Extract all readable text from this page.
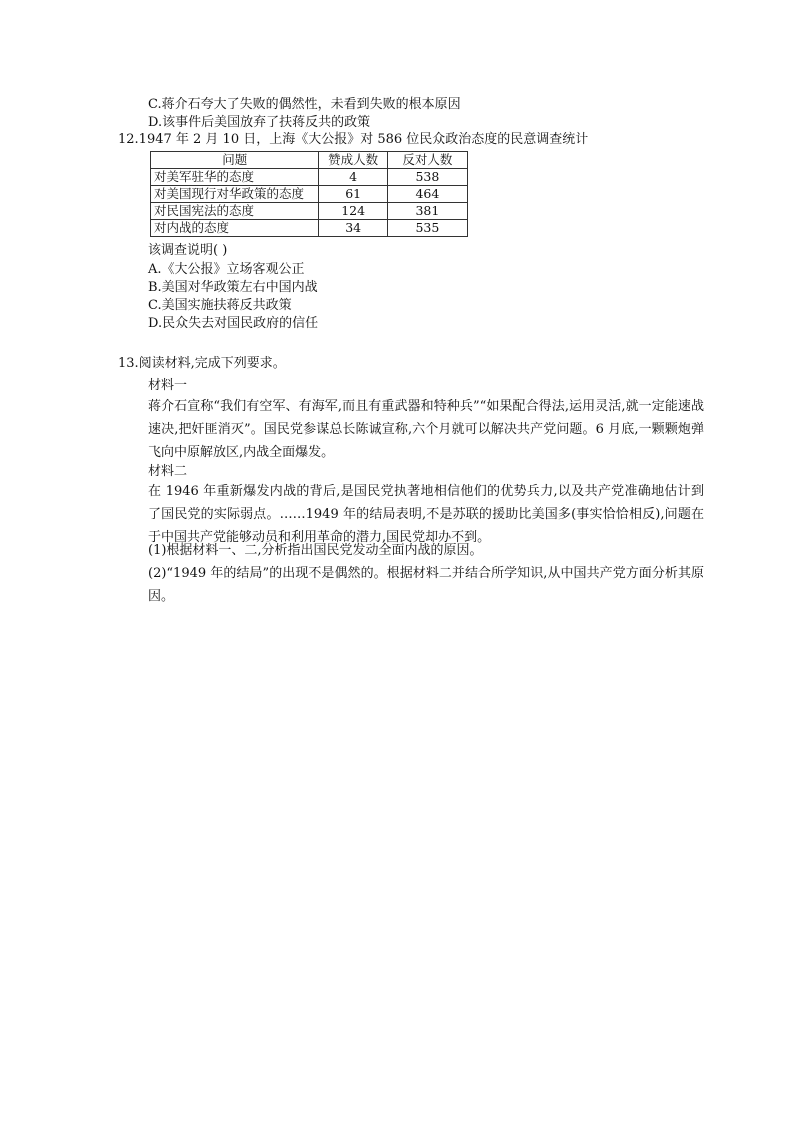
C.蒋介石夸大了失败的偶然性，未看到失败的根本原因
D.该事件后美国放弃了扶蒋反共的政策
12.1947 年 2 月 10 日，上海《大公报》对 586 位民众政治态度的民意调查统计
问题	赞成人数	反对人数
对美军驻华的态度	4	538
对美国现行对华政策的态度	61	464
对民国宪法的态度	124	381
对内战的态度	34	535
该调查说明( )
A.《大公报》立场客观公正
B.美国对华政策左右中国内战
C.美国实施扶蒋反共政策
D.民众失去对国民政府的信任
13.阅读材料,完成下列要求。
材料一
蒋介石宣称“我们有空军、有海军,而且有重武器和特种兵”“如果配合得法,运用灵活,就一定能速战速决,把奸匪消灭”。国民党参谋总长陈诚宣称,六个月就可以解决共产党问题。6 月底,一颗颗炮弹飞向中原解放区,内战全面爆发。
材料二
在 1946 年重新爆发内战的背后,是国民党执著地相信他们的优势兵力,以及共产党准确地估计到了国民党的实际弱点。……1949 年的结局表明,不是苏联的援助比美国多(事实恰恰相反),问题在于中国共产党能够动员和利用革命的潜力,国民党却办不到。
(1)根据材料一、二,分析指出国民党发动全面内战的原因。
(2)“1949 年的结局”的出现不是偶然的。根据材料二并结合所学知识,从中国共产党方面分析其原因。
